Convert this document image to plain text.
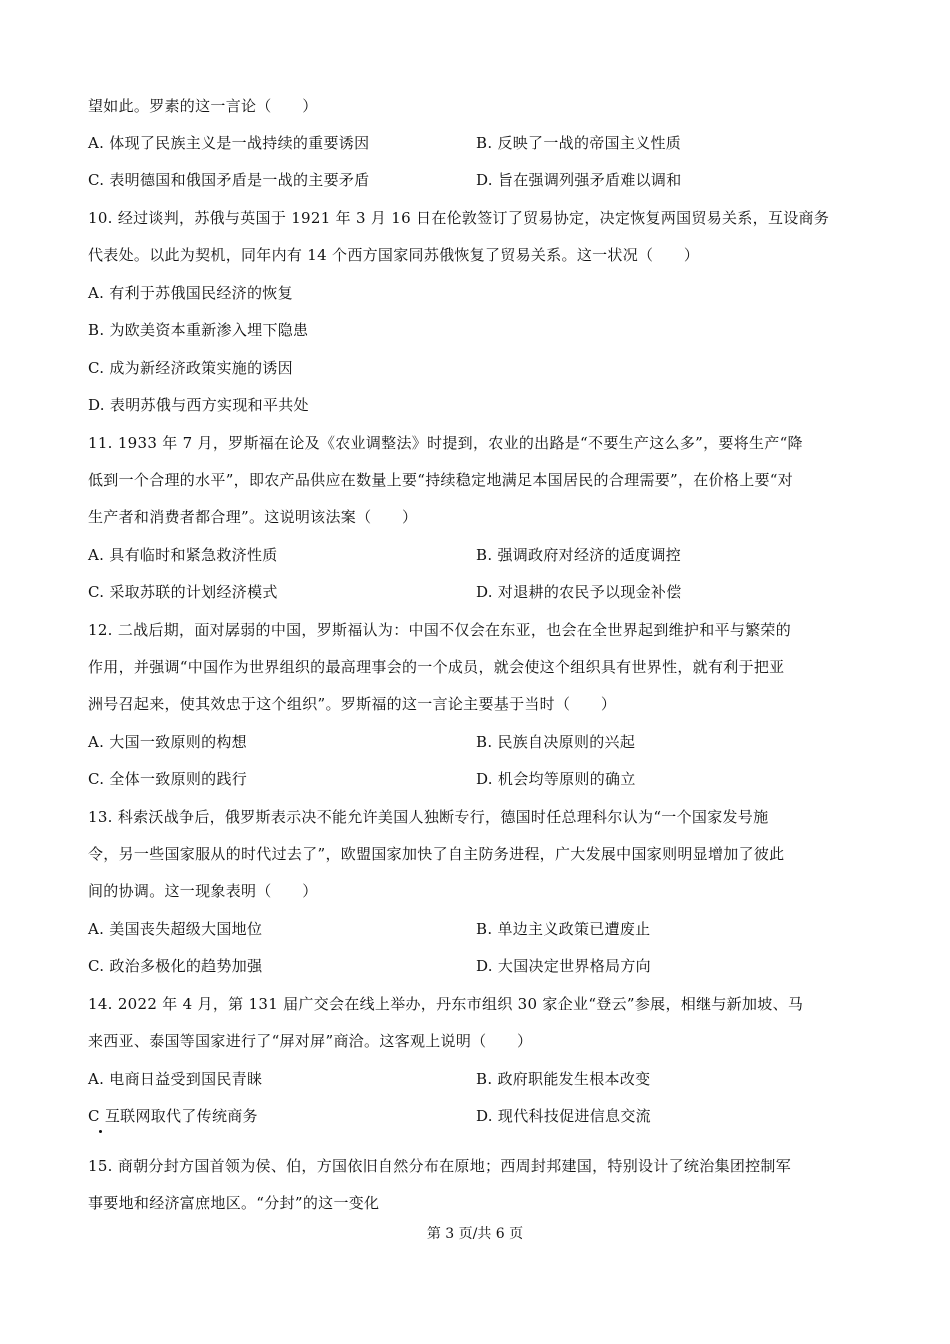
望如此。罗素的这一言论（　　）
A. 体现了民族主义是一战持续的重要诱因	B. 反映了一战的帝国主义性质
C. 表明德国和俄国矛盾是一战的主要矛盾	D. 旨在强调列强矛盾难以调和
10. 经过谈判，苏俄与英国于 1921 年 3 月 16 日在伦敦签订了贸易协定，决定恢复两国贸易关系，互设商务
代表处。以此为契机，同年内有 14 个西方国家同苏俄恢复了贸易关系。这一状况（　　）
A. 有利于苏俄国民经济的恢复
B. 为欧美资本重新渗入埋下隐患
C. 成为新经济政策实施的诱因
D. 表明苏俄与西方实现和平共处
11. 1933 年 7 月，罗斯福在论及《农业调整法》时提到，农业的出路是“不要生产这么多”，要将生产“降
低到一个合理的水平”，即农产品供应在数量上要“持续稳定地满足本国居民的合理需要”，在价格上要“对
生产者和消费者都合理”。这说明该法案（　　）
A. 具有临时和紧急救济性质	B. 强调政府对经济的适度调控
C. 采取苏联的计划经济模式	D. 对退耕的农民予以现金补偿
12. 二战后期，面对孱弱的中国，罗斯福认为：中国不仅会在东亚，也会在全世界起到维护和平与繁荣的
作用，并强调“中国作为世界组织的最高理事会的一个成员，就会使这个组织具有世界性，就有利于把亚
洲号召起来，使其效忠于这个组织”。罗斯福的这一言论主要基于当时（　　）
A. 大国一致原则的构想	B. 民族自决原则的兴起
C. 全体一致原则的践行	D. 机会均等原则的确立
13. 科索沃战争后，俄罗斯表示决不能允许美国人独断专行，德国时任总理科尔认为“一个国家发号施
令，另一些国家服从的时代过去了”，欧盟国家加快了自主防务进程，广大发展中国家则明显增加了彼此
间的协调。这一现象表明（　　）
A. 美国丧失超级大国地位	B. 单边主义政策已遭废止
C. 政治多极化的趋势加强	D. 大国决定世界格局方向
14. 2022 年 4 月，第 131 届广交会在线上举办，丹东市组织 30 家企业“登云”参展，相继与新加坡、马
来西亚、泰国等国家进行了“屏对屏”商洽。这客观上说明（　　）
A. 电商日益受到国民青睐	B. 政府职能发生根本改变
C 互联网取代了传统商务	D. 现代科技促进信息交流
15. 商朝分封方国首领为侯、伯，方国依旧自然分布在原地；西周封邦建国，特别设计了统治集团控制军
事要地和经济富庶地区。“分封”的这一变化
第 3 页/共 6 页
